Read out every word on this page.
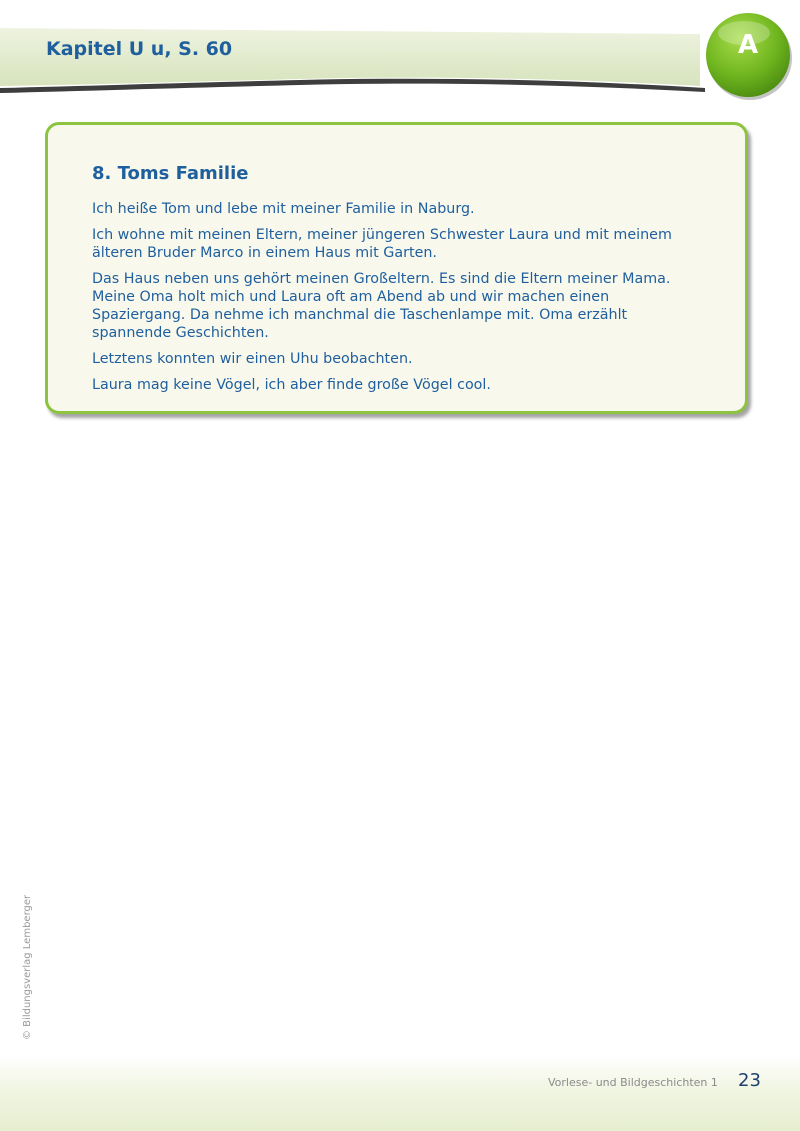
Kapitel U u, S. 60	A
8. Toms Familie

Ich heiße Tom und lebe mit meiner Familie in Naburg.

Ich wohne mit meinen Eltern, meiner jüngeren Schwester Laura und mit meinem älteren Bruder Marco in einem Haus mit Garten.

Das Haus neben uns gehört meinen Großeltern. Es sind die Eltern meiner Mama. Meine Oma holt mich und Laura oft am Abend ab und wir machen einen Spaziergang. Da nehme ich manchmal die Taschenlampe mit. Oma erzählt spannende Geschichten.

Letztens konnten wir einen Uhu beobachten.

Laura mag keine Vögel, ich aber finde große Vögel cool.

© Bildungsverlag Lemberger
Vorlese- und Bildgeschichten 1 23
